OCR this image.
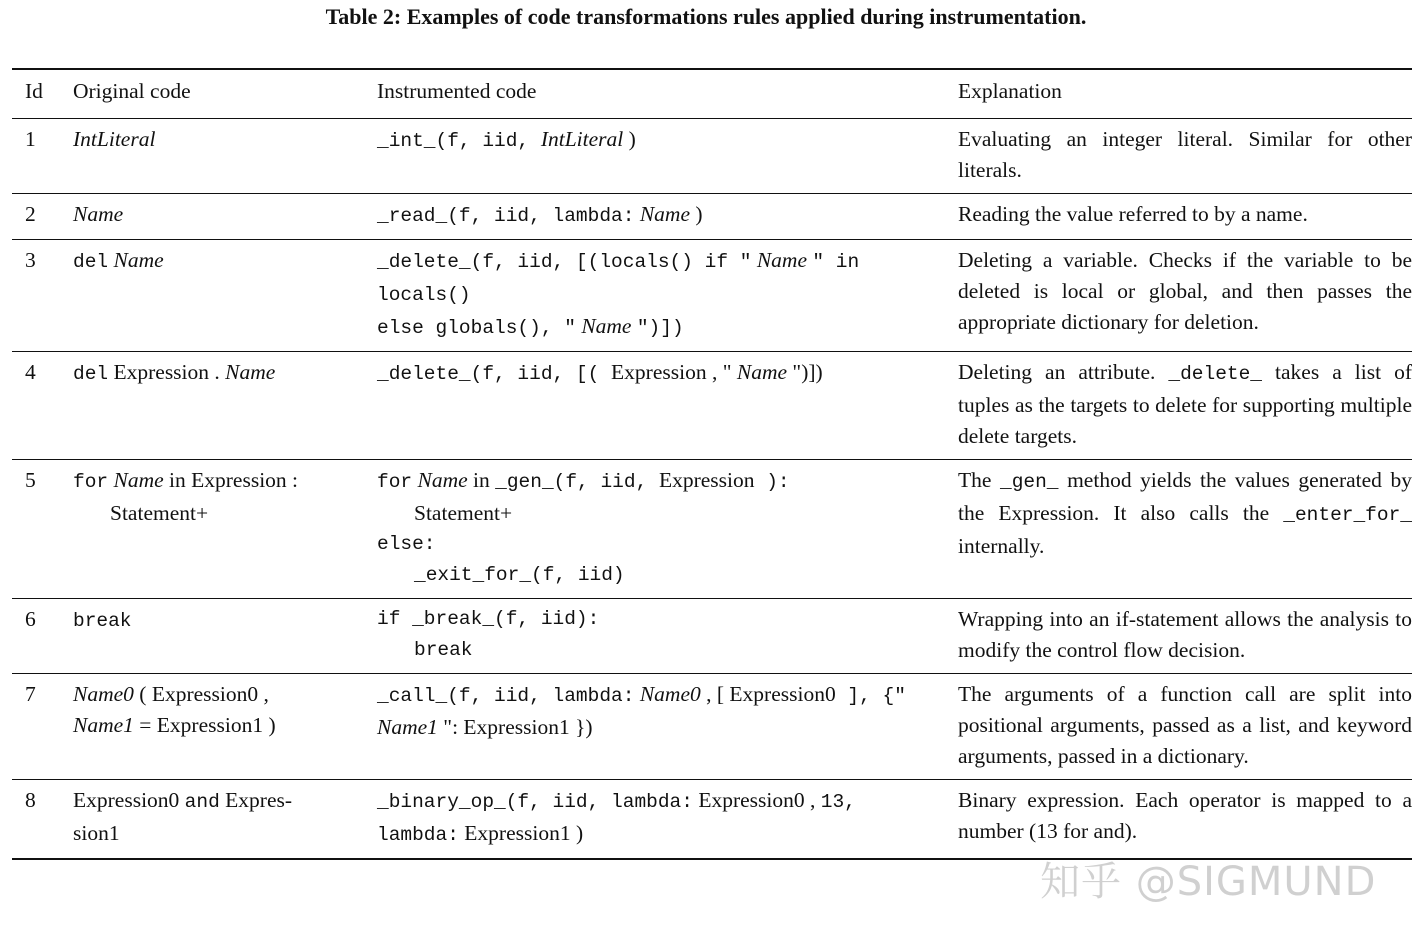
Table 2: Examples of code transformations rules applied during instrumentation.
Id	Original code	Instrumented code	Explanation
1	IntLiteral	_int_(f, iid, IntLiteral )	Evaluating an integer literal. Similar for other literals.

2	Name	_read_(f, iid, lambda: Name )	Reading the value referred to by a name.

3	del Name	_delete_(f, iid, [(locals() if " Name " in locals()
else globals(), " Name ")])	Deleting a variable. Checks if the variable to be deleted is local or global, and then passes the appropriate dictionary for deletion.

4	del Expression . Name	_delete_(f, iid, [( Expression , " Name ")])	Deleting an attribute. _delete_ takes a list of tuples as the targets to delete for supporting multiple delete targets.

5	for Name in Expression :
Statement+	for Name in _gen_(f, iid, Expression ):
Statement+
else:
_exit_for_(f, iid)	The _gen_ method yields the values generated by the Expression. It also calls the _enter_for_ internally.

6	break	if _break_(f, iid):
break	Wrapping into an if-statement allows the analysis to modify the control flow decision.

7	Name0 ( Expression0 ,
Name1 = Expression1 )	_call_(f, iid, lambda: Name0 , [ Expression0 ], {"
Name1 ": Expression1 })	The arguments of a function call are split into positional arguments, passed as a list, and keyword arguments, passed in a dictionary.

8	Expression0 and Expres-
sion1	_binary_op_(f, iid, lambda: Expression0 , 13,
lambda: Expression1 )	Binary expression. Each operator is mapped to a number (13 for and).
知乎 @SIGMUND
